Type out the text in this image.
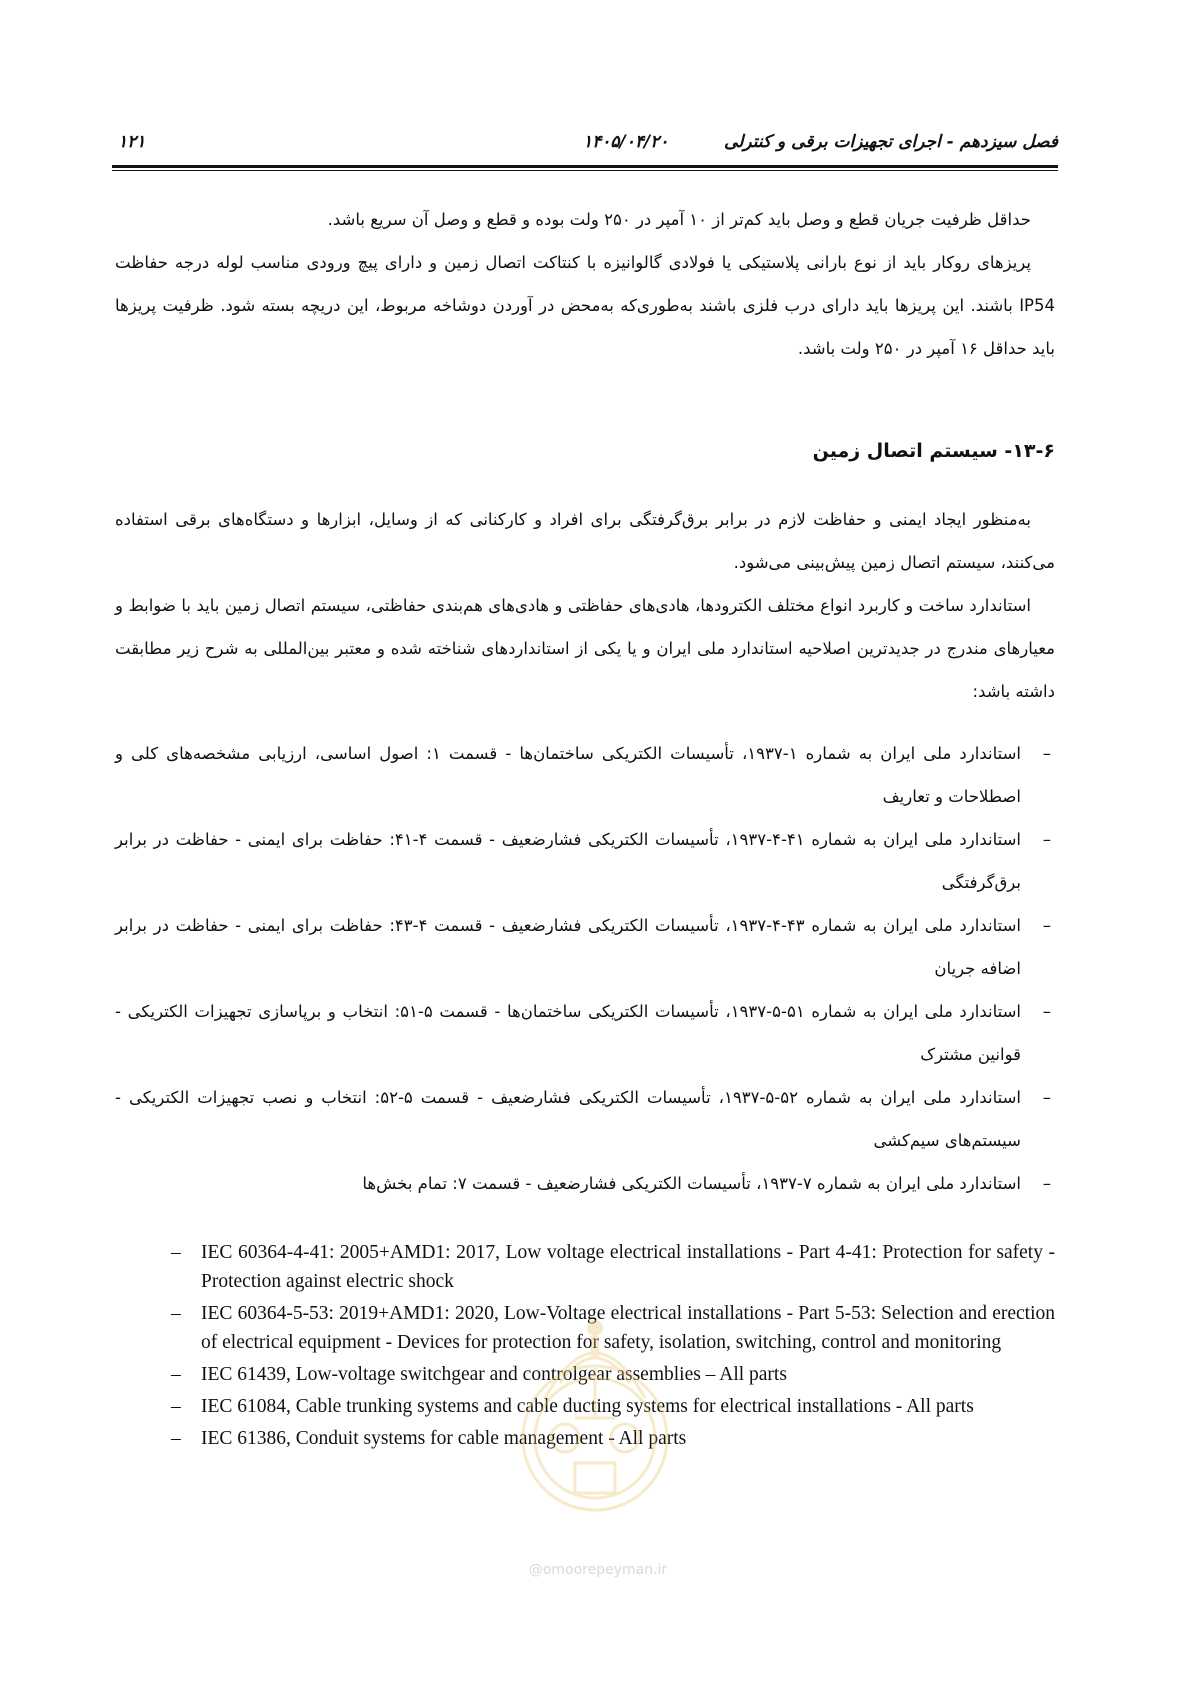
فصل سیزدهم - اجرای تجهیزات برقی و کنترلی
۱۴۰۵/۰۴/۲۰
۱۲۱

حداقل ظرفیت جریان قطع و وصل باید کم‌تر از ۱۰ آمپر در ۲۵۰ ولت بوده و قطع و وصل آن سریع باشد.

پریزهای روکار باید از نوع بارانی پلاستیکی یا فولادی گالوانیزه با کنتاکت اتصال زمین و دارای پیچ ورودی مناسب لوله درجه حفاظت IP54 باشند. این پریزها باید دارای درب فلزی باشند به‌طوری‌که به‌محض در آوردن دوشاخه مربوط، این دریچه بسته شود. ظرفیت پریزها باید حداقل ۱۶ آمپر در ۲۵۰ ولت باشد.

۱۳-۶- سیستم اتصال زمین

به‌منظور ایجاد ایمنی و حفاظت لازم در برابر برق‌گرفتگی برای افراد و کارکنانی که از وسایل، ابزارها و دستگاه‌های برقی استفاده می‌کنند، سیستم اتصال زمین پیش‌بینی می‌شود.

استاندارد ساخت و کاربرد انواع مختلف الکترودها، هادی‌های حفاظتی و هادی‌های هم‌بندی حفاظتی، سیستم اتصال زمین باید با ضوابط و معیارهای مندرج در جدیدترین اصلاحیه استاندارد ملی ایران و یا یکی از استانداردهای شناخته شده و معتبر بین‌المللی به شرح زیر مطابقت داشته باشد:

–
استاندارد ملی ایران به شماره ۱-۱۹۳۷، تأسیسات الکتریکی ساختمان‌ها - قسمت ۱: اصول اساسی، ارزیابی مشخصه‌های کلی و اصطلاحات و تعاریف
–
استاندارد ملی ایران به شماره ۴۱-۴-۱۹۳۷، تأسیسات الکتریکی فشارضعیف - قسمت ۴-۴۱: حفاظت برای ایمنی - حفاظت در برابر برق‌گرفتگی
–
استاندارد ملی ایران به شماره ۴۳-۴-۱۹۳۷، تأسیسات الکتریکی فشارضعیف - قسمت ۴-۴۳: حفاظت برای ایمنی - حفاظت در برابر اضافه جریان
–
استاندارد ملی ایران به شماره ۵۱-۵-۱۹۳۷، تأسیسات الکتریکی ساختمان‌ها - قسمت ۵-۵۱: انتخاب و برپاسازی تجهیزات الکتریکی - قوانین مشترک
–
استاندارد ملی ایران به شماره ۵۲-۵-۱۹۳۷، تأسیسات الکتریکی فشارضعیف - قسمت ۵-۵۲: انتخاب و نصب تجهیزات الکتریکی - سیستم‌های سیم‌کشی
–
استاندارد ملی ایران به شماره ۷-۱۹۳۷، تأسیسات الکتریکی فشارضعیف - قسمت ۷: تمام بخش‌ها
– IEC 60364-4-41: 2005+AMD1: 2017, Low voltage electrical installations - Part 4-41: Protection for safety - Protection against electric shock
– IEC 60364-5-53: 2019+AMD1: 2020, Low-Voltage electrical installations - Part 5-53: Selection and erection of electrical equipment - Devices for protection for safety, isolation, switching, control and monitoring
– IEC 61439, Low-voltage switchgear and controlgear assemblies – All parts
– IEC 61084, Cable trunking systems and cable ducting systems for electrical installations - All parts
– IEC 61386, Conduit systems for cable management - All parts
@omoorepeyman.ir
